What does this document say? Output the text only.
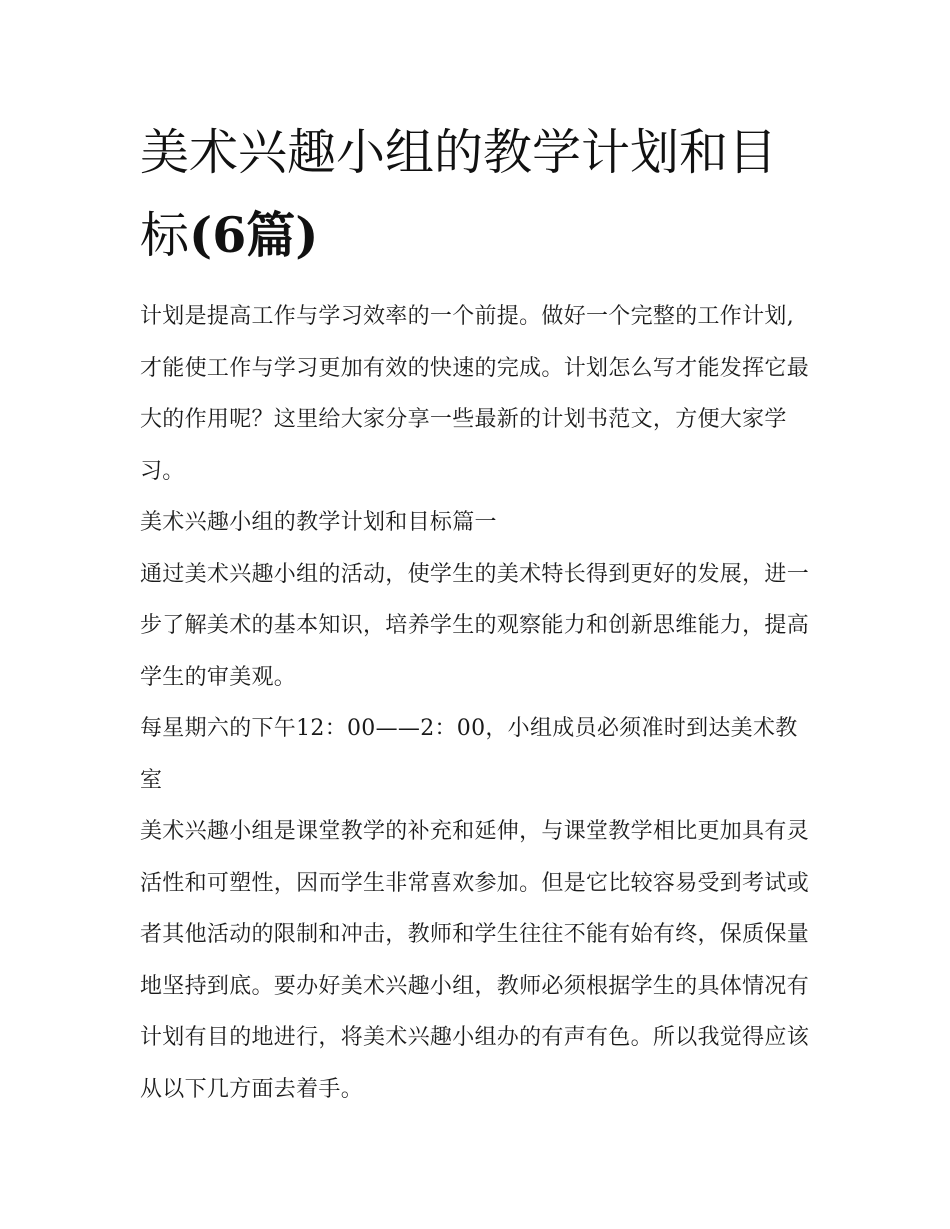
美术兴趣小组的教学计划和目标(6篇)

计划是提高工作与学习效率的一个前提。做好一个完整的工作计划,才能使工作与学习更加有效的快速的完成。计划怎么写才能发挥它最大的作用呢？这里给大家分享一些最新的计划书范文，方便大家学习。

美术兴趣小组的教学计划和目标篇一

通过美术兴趣小组的活动，使学生的美术特长得到更好的发展，进一步了解美术的基本知识，培养学生的观察能力和创新思维能力，提高学生的审美观。

每星期六的下午12：00——2：00，小组成员必须准时到达美术教室

美术兴趣小组是课堂教学的补充和延伸，与课堂教学相比更加具有灵活性和可塑性，因而学生非常喜欢参加。但是它比较容易受到考试或者其他活动的限制和冲击，教师和学生往往不能有始有终，保质保量地坚持到底。要办好美术兴趣小组，教师必须根据学生的具体情况有计划有目的地进行，将美术兴趣小组办的有声有色。所以我觉得应该从以下几方面去着手。
